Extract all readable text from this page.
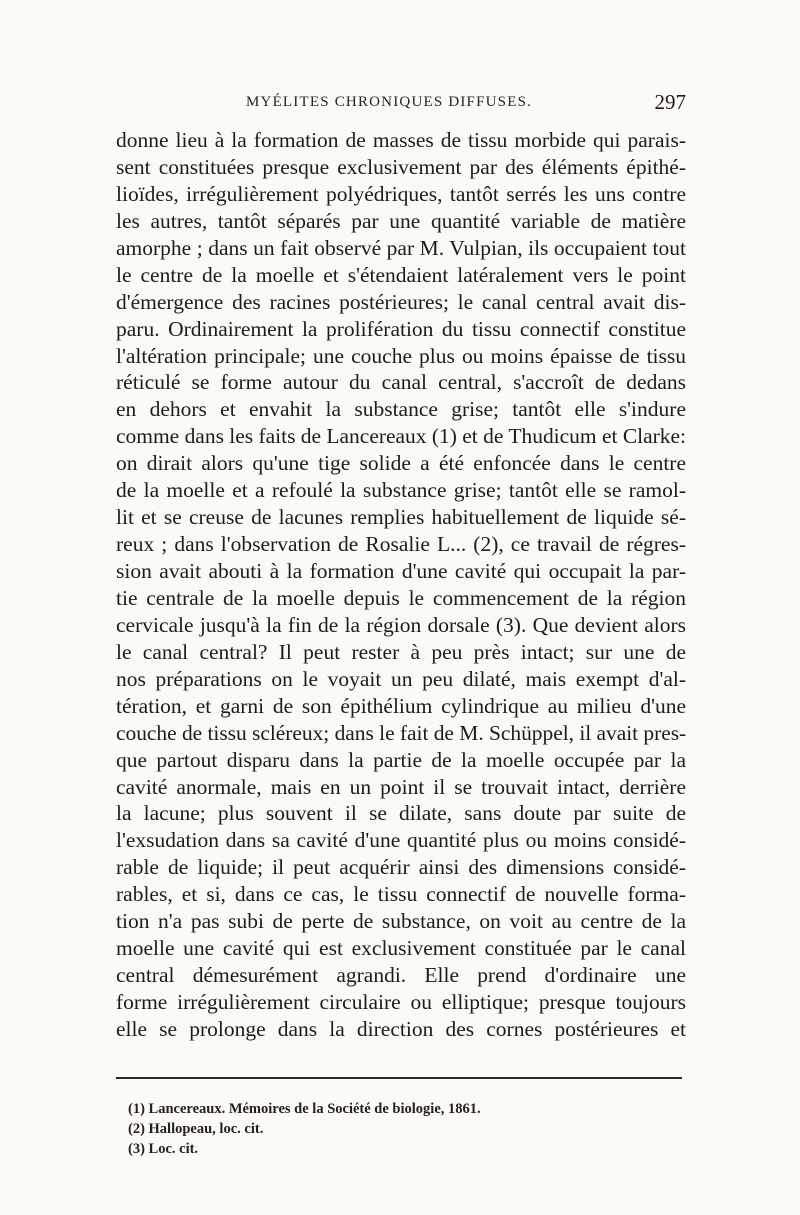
MYÉLITES CHRONIQUES DIFFUSES.	297
donne lieu à la formation de masses de tissu morbide qui parais-
sent constituées presque exclusivement par des éléments épithé-
lioïdes, irrégulièrement polyédriques, tantôt serrés les uns contre
les autres, tantôt séparés par une quantité variable de matière
amorphe ; dans un fait observé par M. Vulpian, ils occupaient tout
le centre de la moelle et s'étendaient latéralement vers le point
d'émergence des racines postérieures; le canal central avait dis-
paru. Ordinairement la prolifération du tissu connectif constitue
l'altération principale; une couche plus ou moins épaisse de tissu
réticulé se forme autour du canal central, s'accroît de dedans
en dehors et envahit la substance grise; tantôt elle s'indure
comme dans les faits de Lancereaux (1) et de Thudicum et Clarke:
on dirait alors qu'une tige solide a été enfoncée dans le centre
de la moelle et a refoulé la substance grise; tantôt elle se ramol-
lit et se creuse de lacunes remplies habituellement de liquide sé-
reux ; dans l'observation de Rosalie L... (2), ce travail de régres-
sion avait abouti à la formation d'une cavité qui occupait la par-
tie centrale de la moelle depuis le commencement de la région
cervicale jusqu'à la fin de la région dorsale (3). Que devient alors
le canal central? Il peut rester à peu près intact; sur une de
nos préparations on le voyait un peu dilaté, mais exempt d'al-
tération, et garni de son épithélium cylindrique au milieu d'une
couche de tissu scléreux; dans le fait de M. Schüppel, il avait pres-
que partout disparu dans la partie de la moelle occupée par la
cavité anormale, mais en un point il se trouvait intact, derrière
la lacune; plus souvent il se dilate, sans doute par suite de
l'exsudation dans sa cavité d'une quantité plus ou moins considé-
rable de liquide; il peut acquérir ainsi des dimensions considé-
rables, et si, dans ce cas, le tissu connectif de nouvelle forma-
tion n'a pas subi de perte de substance, on voit au centre de la
moelle une cavité qui est exclusivement constituée par le canal
central démesurément agrandi. Elle prend d'ordinaire une
forme irrégulièrement circulaire ou elliptique; presque toujours
elle se prolonge dans la direction des cornes postérieures et
(1) Lancereaux. Mémoires de la Société de biologie, 1861.
(2) Hallopeau, loc. cit.
(3) Loc. cit.
